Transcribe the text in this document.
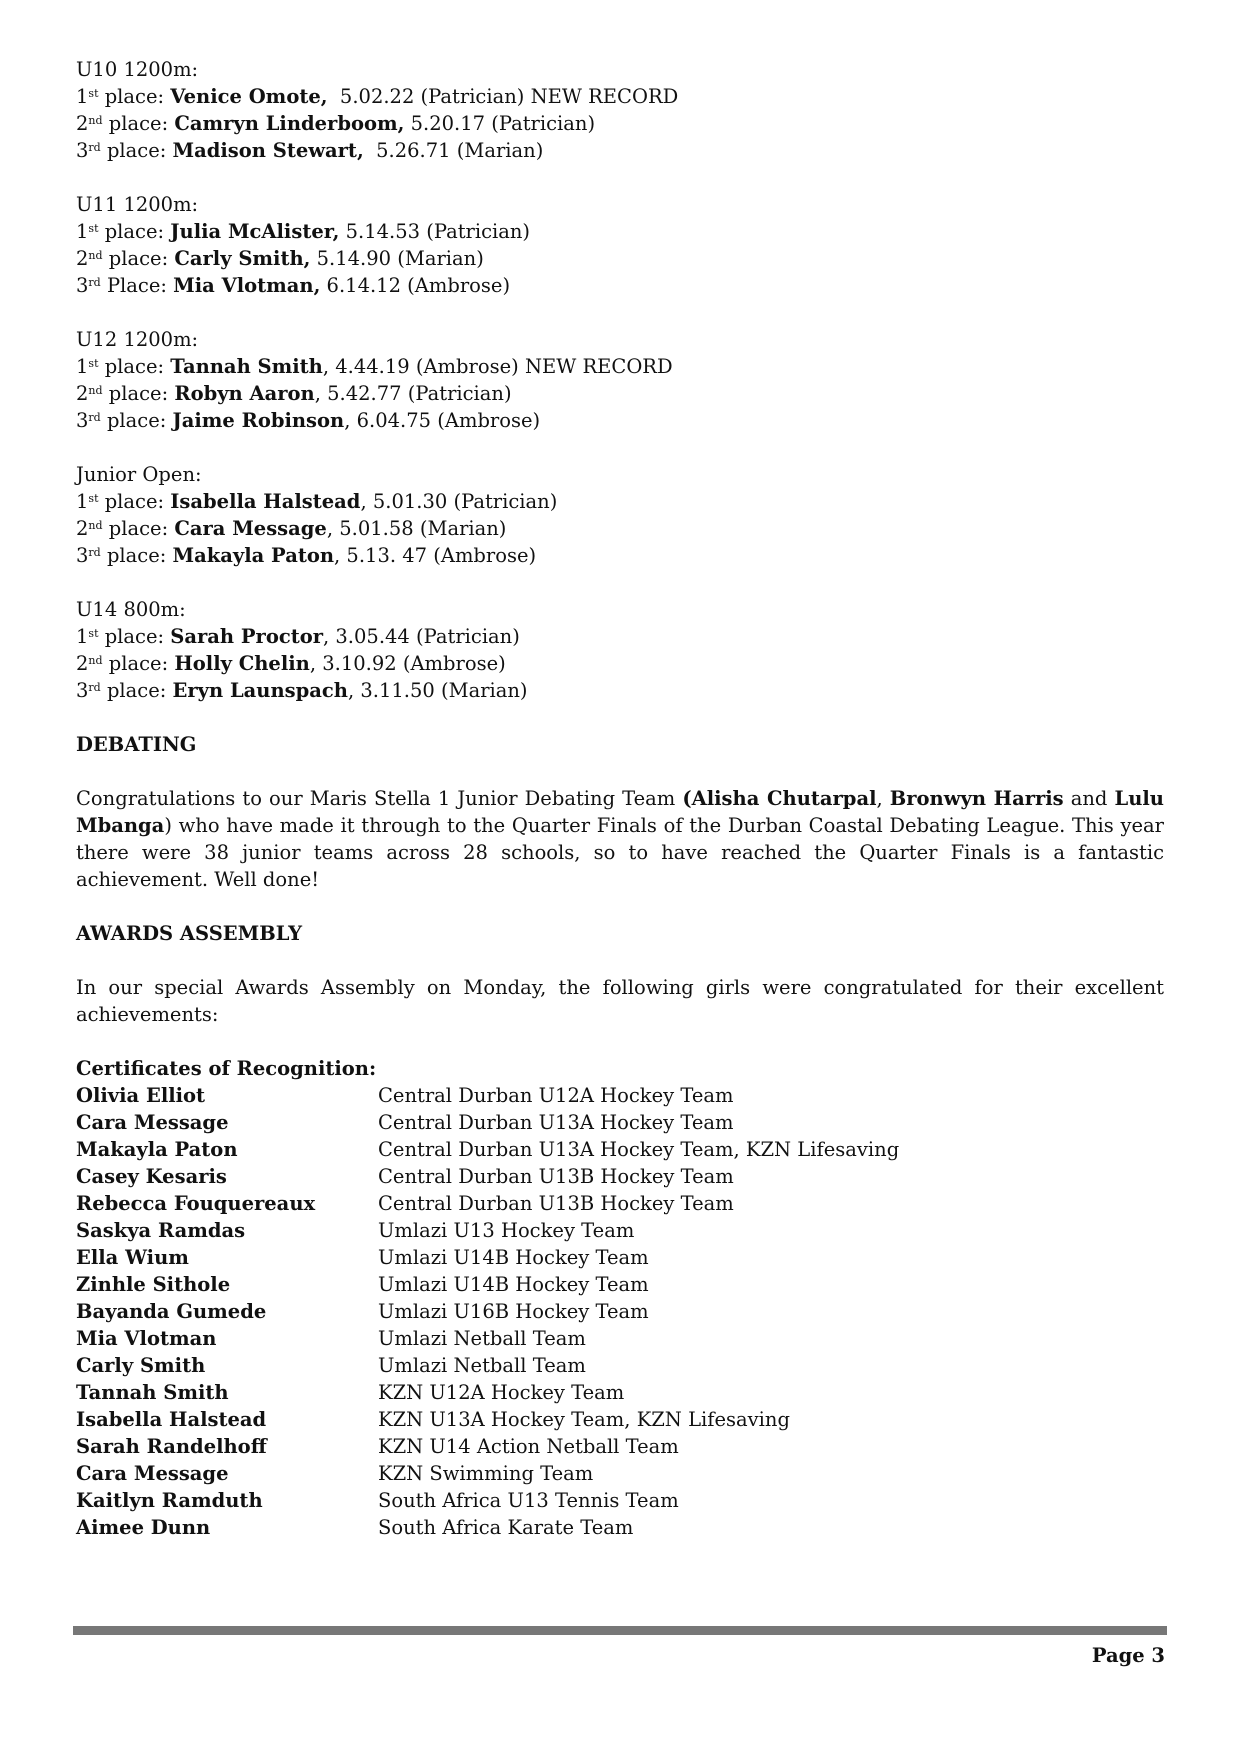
U10 1200m:
1st place: Venice Omote,  5.02.22 (Patrician) NEW RECORD
2nd place: Camryn Linderboom, 5.20.17 (Patrician)
3rd place: Madison Stewart,  5.26.71 (Marian)
U11 1200m:
1st place: Julia McAlister, 5.14.53 (Patrician)
2nd place: Carly Smith, 5.14.90 (Marian)
3rd Place: Mia Vlotman, 6.14.12 (Ambrose)
U12 1200m:
1st place: Tannah Smith, 4.44.19 (Ambrose) NEW RECORD
2nd place: Robyn Aaron, 5.42.77 (Patrician)
3rd place: Jaime Robinson, 6.04.75 (Ambrose)
Junior Open:
1st place: Isabella Halstead, 5.01.30 (Patrician)
2nd place: Cara Message, 5.01.58 (Marian)
3rd place: Makayla Paton, 5.13. 47 (Ambrose)
U14 800m:
1st place: Sarah Proctor, 3.05.44 (Patrician)
2nd place: Holly Chelin, 3.10.92 (Ambrose)
3rd place: Eryn Launspach, 3.11.50 (Marian)
DEBATING
Congratulations to our Maris Stella 1 Junior Debating Team (Alisha Chutarpal, Bronwyn Harris and Lulu Mbanga) who have made it through to the Quarter Finals of the Durban Coastal Debating League. This year there were 38 junior teams across 28 schools, so to have reached the Quarter Finals is a fantastic achievement. Well done!
AWARDS ASSEMBLY
In our special Awards Assembly on Monday, the following girls were congratulated for their excellent achievements:
Certificates of Recognition:
Olivia Elliot	Central Durban U12A Hockey Team
Cara Message	Central Durban U13A Hockey Team
Makayla Paton	Central Durban U13A Hockey Team, KZN Lifesaving
Casey Kesaris	Central Durban U13B Hockey Team
Rebecca Fouquereaux	Central Durban U13B Hockey Team
Saskya Ramdas	Umlazi U13 Hockey Team
Ella Wium	Umlazi U14B Hockey Team
Zinhle Sithole	Umlazi U14B Hockey Team
Bayanda Gumede	Umlazi U16B Hockey Team
Mia Vlotman	Umlazi Netball Team
Carly Smith	Umlazi Netball Team
Tannah Smith	KZN U12A Hockey Team
Isabella Halstead	KZN U13A Hockey Team, KZN Lifesaving
Sarah Randelhoff	KZN U14 Action Netball Team
Cara Message	KZN Swimming Team
Kaitlyn Ramduth	South Africa U13 Tennis Team
Aimee Dunn	South Africa Karate Team
Page 3
